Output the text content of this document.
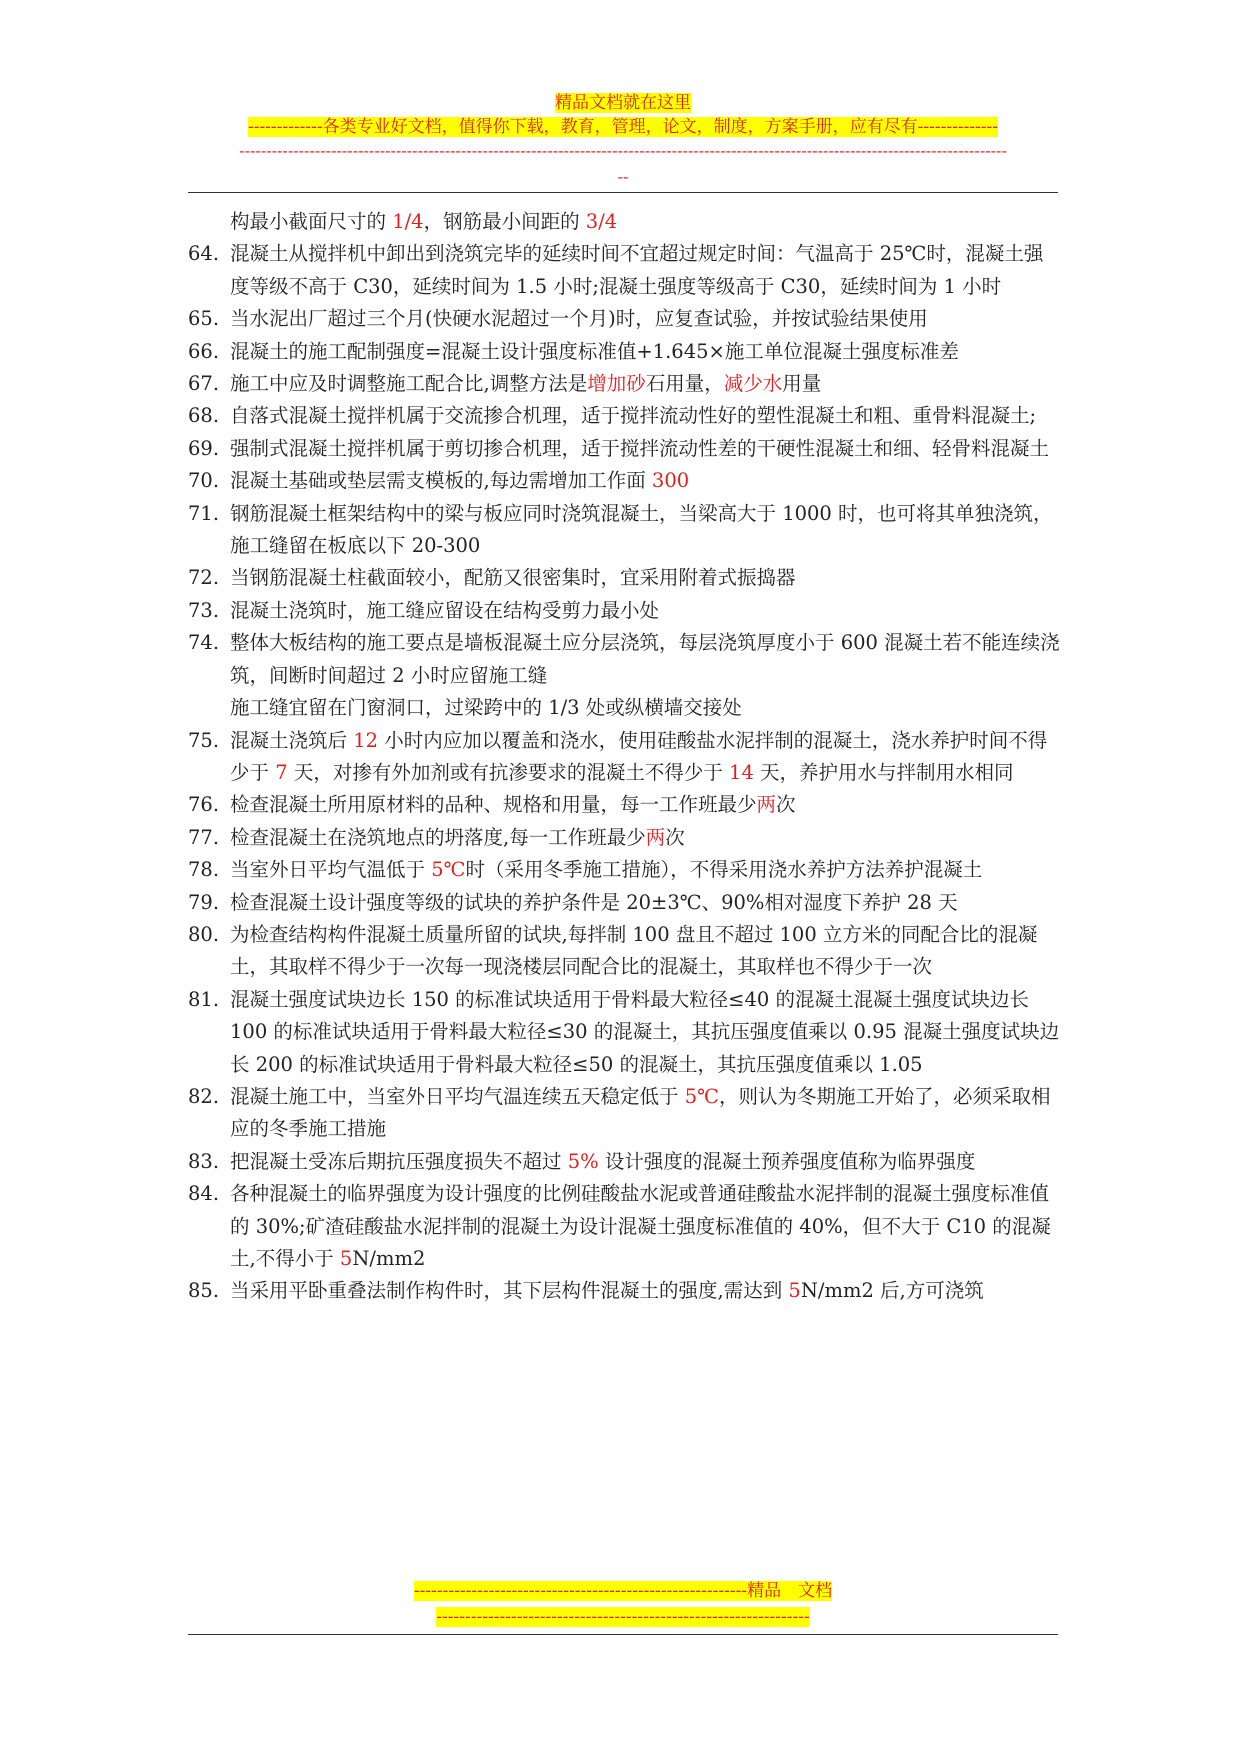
精品文档就在这里
-------------各类专业好文档，值得你下载，教育，管理，论文，制度，方案手册，应有尽有--------------
----------------------------------------------------------------------------------------------------------------------------------------------
--
构最小截面尺寸的 1/4，钢筋最小间距的 3/4
64. 混凝土从搅拌机中卸出到浇筑完毕的延续时间不宜超过规定时间：气温高于 25℃时，混凝土强度等级不高于 C30，延续时间为 1.5 小时;混凝土强度等级高于 C30，延续时间为 1 小时
65. 当水泥出厂超过三个月(快硬水泥超过一个月)时，应复查试验，并按试验结果使用
66. 混凝土的施工配制强度=混凝土设计强度标准值+1.645×施工单位混凝土强度标准差
67. 施工中应及时调整施工配合比,调整方法是增加砂石用量，减少水用量
68. 自落式混凝土搅拌机属于交流掺合机理，适于搅拌流动性好的塑性混凝土和粗、重骨料混凝土;
69. 强制式混凝土搅拌机属于剪切掺合机理，适于搅拌流动性差的干硬性混凝土和细、轻骨料混凝土
70. 混凝土基础或垫层需支模板的,每边需增加工作面 300
71. 钢筋混凝土框架结构中的梁与板应同时浇筑混凝土，当梁高大于 1000 时，也可将其单独浇筑，施工缝留在板底以下 20-300
72. 当钢筋混凝土柱截面较小，配筋又很密集时，宜采用附着式振捣器
73. 混凝土浇筑时，施工缝应留设在结构受剪力最小处
74. 整体大板结构的施工要点是墙板混凝土应分层浇筑，每层浇筑厚度小于 600 混凝土若不能连续浇筑，间断时间超过 2 小时应留施工缝
施工缝宜留在门窗洞口，过梁跨中的 1/3 处或纵横墙交接处
75. 混凝土浇筑后 12 小时内应加以覆盖和浇水，使用硅酸盐水泥拌制的混凝土，浇水养护时间不得少于 7 天，对掺有外加剂或有抗渗要求的混凝土不得少于 14 天，养护用水与拌制用水相同
76. 检查混凝土所用原材料的品种、规格和用量，每一工作班最少两次
77. 检查混凝土在浇筑地点的坍落度,每一工作班最少两次
78. 当室外日平均气温低于 5℃时（采用冬季施工措施），不得采用浇水养护方法养护混凝土
79. 检查混凝土设计强度等级的试块的养护条件是 20±3℃、90%相对湿度下养护 28 天
80. 为检查结构构件混凝土质量所留的试块,每拌制 100 盘且不超过 100 立方米的同配合比的混凝土，其取样不得少于一次每一现浇楼层同配合比的混凝土，其取样也不得少于一次
81. 混凝土强度试块边长 150 的标准试块适用于骨料最大粒径≤40 的混凝土混凝土强度试块边长 100 的标准试块适用于骨料最大粒径≤30 的混凝土，其抗压强度值乘以 0.95 混凝土强度试块边长 200 的标准试块适用于骨料最大粒径≤50 的混凝土，其抗压强度值乘以 1.05
82. 混凝土施工中，当室外日平均气温连续五天稳定低于 5℃，则认为冬期施工开始了，必须采取相应的冬季施工措施
83. 把混凝土受冻后期抗压强度损失不超过 5% 设计强度的混凝土预养强度值称为临界强度
84. 各种混凝土的临界强度为设计强度的比例硅酸盐水泥或普通硅酸盐水泥拌制的混凝土强度标准值的 30%;矿渣硅酸盐水泥拌制的混凝土为设计混凝土强度标准值的 40%，但不大于 C10 的混凝土,不得小于 5N/mm2
85. 当采用平卧重叠法制作构件时，其下层构件混凝土的强度,需达到 5N/mm2 后,方可浇筑
----------------------------------------------------------精品　文档
-----------------------------------------------------------------
